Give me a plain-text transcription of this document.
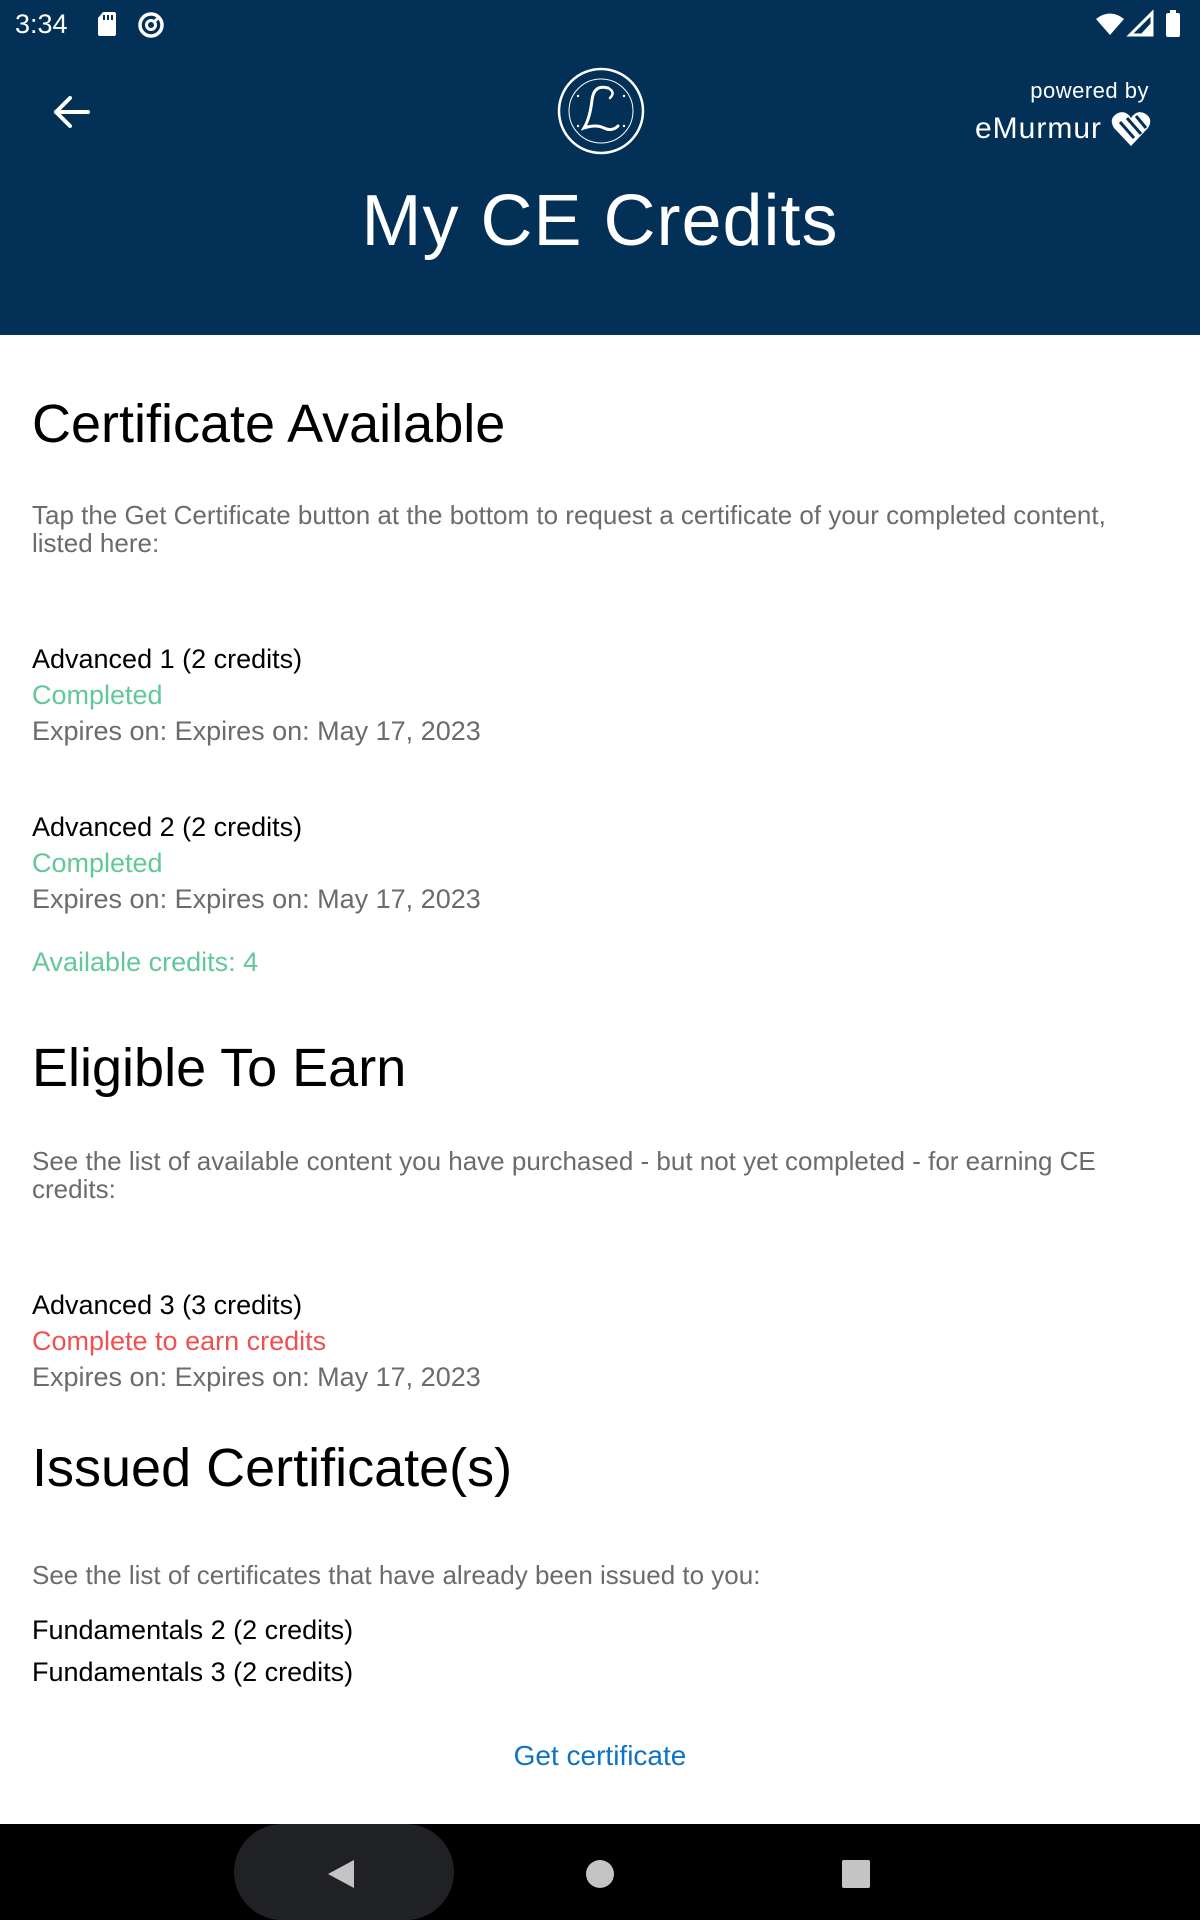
3:34
powered by
eMurmur
My CE Credits
Certificate Available

Tap the Get Certificate button at the bottom to request a certificate of your completed content, listed here:

Advanced 1 (2 credits)
Completed
Expires on: Expires on: May 17, 2023
Advanced 2 (2 credits)
Completed
Expires on: Expires on: May 17, 2023
Available credits: 4
Eligible To Earn

See the list of available content you have purchased - but not yet completed - for earning CE credits:

Advanced 3 (3 credits)
Complete to earn credits
Expires on: Expires on: May 17, 2023
Issued Certificate(s)

See the list of certificates that have already been issued to you:

Fundamentals 2 (2 credits)
Fundamentals 3 (2 credits)
Get certificate
